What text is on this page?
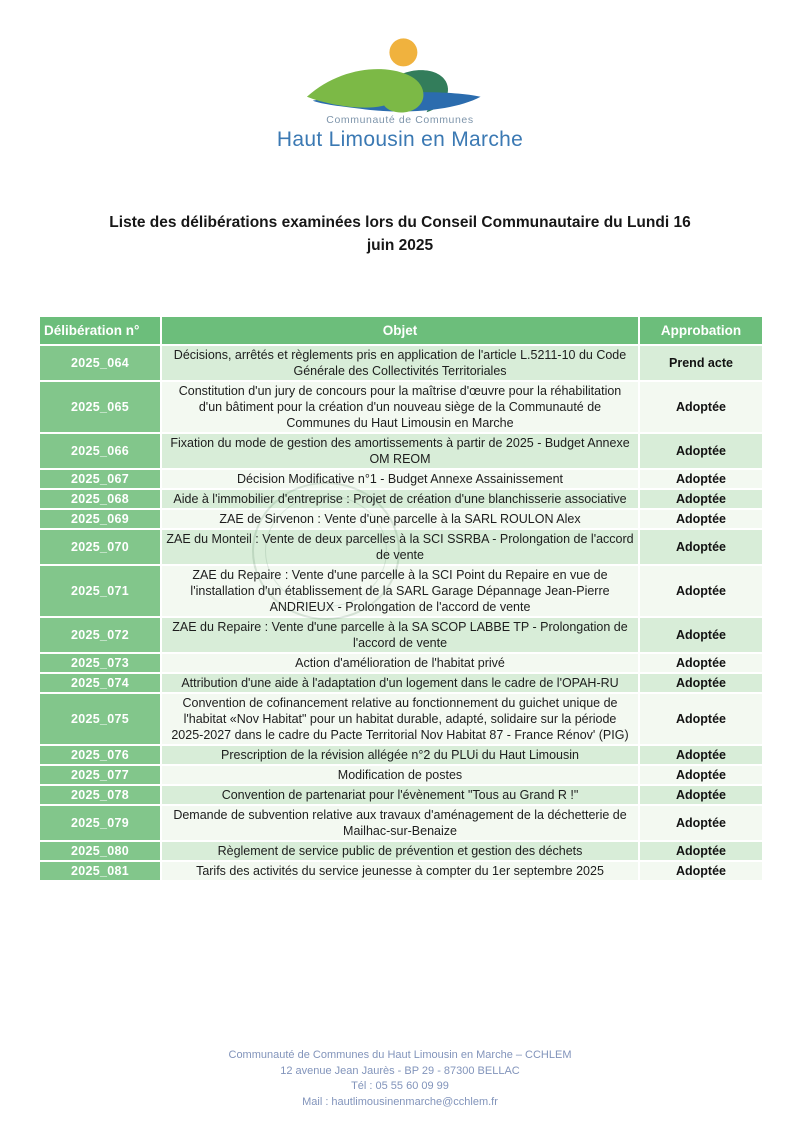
Communauté de Communes
Haut Limousin en Marche
Liste des délibérations examinées lors du Conseil Communautaire du Lundi 16
juin 2025
Délibération n°	Objet	Approbation
2025_064	Décisions, arrêtés et règlements pris en application de l'article L.5211-10 du Code Générale des Collectivités Territoriales	Prend acte
2025_065	Constitution d'un jury de concours pour la maîtrise d'œuvre pour la réhabilitation d'un bâtiment pour la création d'un nouveau siège de la Communauté de Communes du Haut Limousin en Marche	Adoptée
2025_066	Fixation du mode de gestion des amortissements à partir de 2025 - Budget Annexe OM REOM	Adoptée
2025_067	Décision Modificative n°1 - Budget Annexe Assainissement	Adoptée
2025_068	Aide à l'immobilier d'entreprise : Projet de création d'une blanchisserie associative	Adoptée
2025_069	ZAE de Sirvenon : Vente d'une parcelle à la SARL ROULON Alex	Adoptée
2025_070	ZAE du Monteil : Vente de deux parcelles à la SCI SSRBA - Prolongation de l'accord de vente	Adoptée
2025_071	ZAE du Repaire : Vente d'une parcelle à la SCI Point du Repaire en vue de l'installation d'un établissement de la SARL Garage Dépannage Jean-Pierre ANDRIEUX - Prolongation de l'accord de vente	Adoptée
2025_072	ZAE du Repaire : Vente d'une parcelle à la SA SCOP LABBE TP - Prolongation de l'accord de vente	Adoptée
2025_073	Action d'amélioration de l'habitat privé	Adoptée
2025_074	Attribution d'une aide à l'adaptation d'un logement dans le cadre de l'OPAH-RU	Adoptée
2025_075	Convention de cofinancement relative au fonctionnement du guichet unique de l'habitat «Nov Habitat" pour un habitat durable, adapté, solidaire sur la période 2025-2027 dans le cadre du Pacte Territorial Nov Habitat 87 - France Rénov' (PIG)	Adoptée
2025_076	Prescription de la révision allégée n°2 du PLUi du Haut Limousin	Adoptée
2025_077	Modification de postes	Adoptée
2025_078	Convention de partenariat pour l'évènement "Tous au Grand R !"	Adoptée
2025_079	Demande de subvention relative aux travaux d'aménagement de la déchetterie de Mailhac-sur-Benaize	Adoptée
2025_080	Règlement de service public de prévention et gestion des déchets	Adoptée
2025_081	Tarifs des activités du service jeunesse à compter du 1er septembre 2025	Adoptée
Communauté de Communes du Haut Limousin en Marche – CCHLEM
12 avenue Jean Jaurès - BP 29 - 87300 BELLAC
Tél : 05 55 60 09 99
Mail : hautlimousinenmarche@cchlem.fr
